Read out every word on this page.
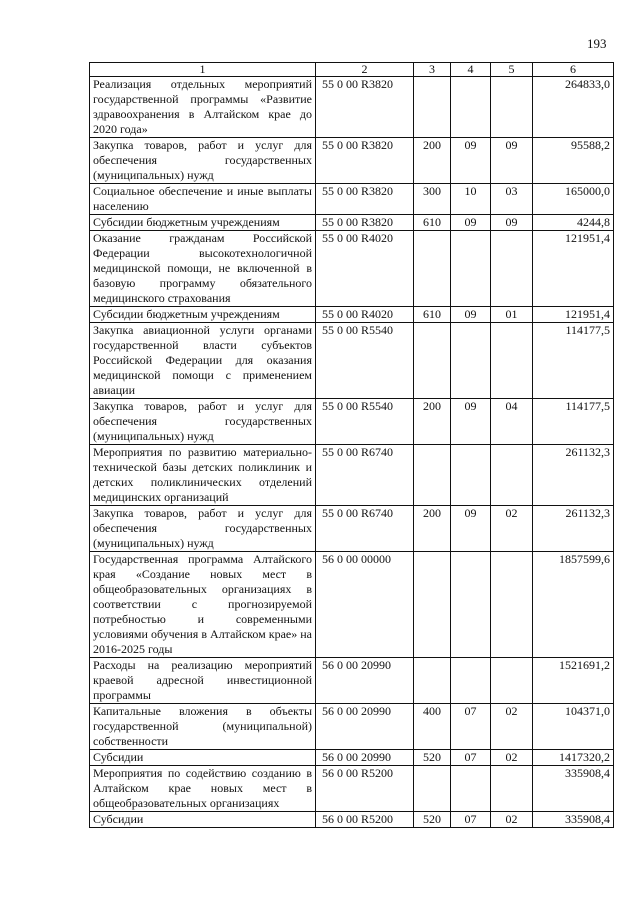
193
1	2	3	4	5	6
Реализация отдельных мероприятий государственной программы «Развитие здравоохранения в Алтайском крае до 2020 года»	55 0 00 R3820				264833,0
Закупка товаров, работ и услуг для обеспечения государственных (муниципальных) нужд	55 0 00 R3820	200	09	09	95588,2
Социальное обеспечение и иные выплаты населению	55 0 00 R3820	300	10	03	165000,0
Субсидии бюджетным учреждениям	55 0 00 R3820	610	09	09	4244,8
Оказание гражданам Российской Федерации высокотехнологичной медицинской помощи, не включенной в базовую программу обязательного медицинского страхования	55 0 00 R4020				121951,4
Субсидии бюджетным учреждениям	55 0 00 R4020	610	09	01	121951,4
Закупка авиационной услуги органами государственной власти субъектов Российской Федерации для оказания медицинской помощи с применением авиации	55 0 00 R5540				114177,5
Закупка товаров, работ и услуг для обеспечения государственных (муниципальных) нужд	55 0 00 R5540	200	09	04	114177,5
Мероприятия по развитию материально-технической базы детских поликлиник и детских поликлинических отделений медицинских организаций	55 0 00 R6740				261132,3
Закупка товаров, работ и услуг для обеспечения государственных (муниципальных) нужд	55 0 00 R6740	200	09	02	261132,3
Государственная программа Алтайского края «Создание новых мест в общеобразовательных организациях в соответствии с прогнозируемой потребностью и современными условиями обучения в Алтайском крае» на 2016-2025 годы	56 0 00 00000				1857599,6
Расходы на реализацию мероприятий краевой адресной инвестиционной программы	56 0 00 20990				1521691,2
Капитальные вложения в объекты государственной (муниципальной) собственности	56 0 00 20990	400	07	02	104371,0
Субсидии	56 0 00 20990	520	07	02	1417320,2
Мероприятия по содействию созданию в Алтайском крае новых мест в общеобразовательных организациях	56 0 00 R5200				335908,4
Субсидии	56 0 00 R5200	520	07	02	335908,4
